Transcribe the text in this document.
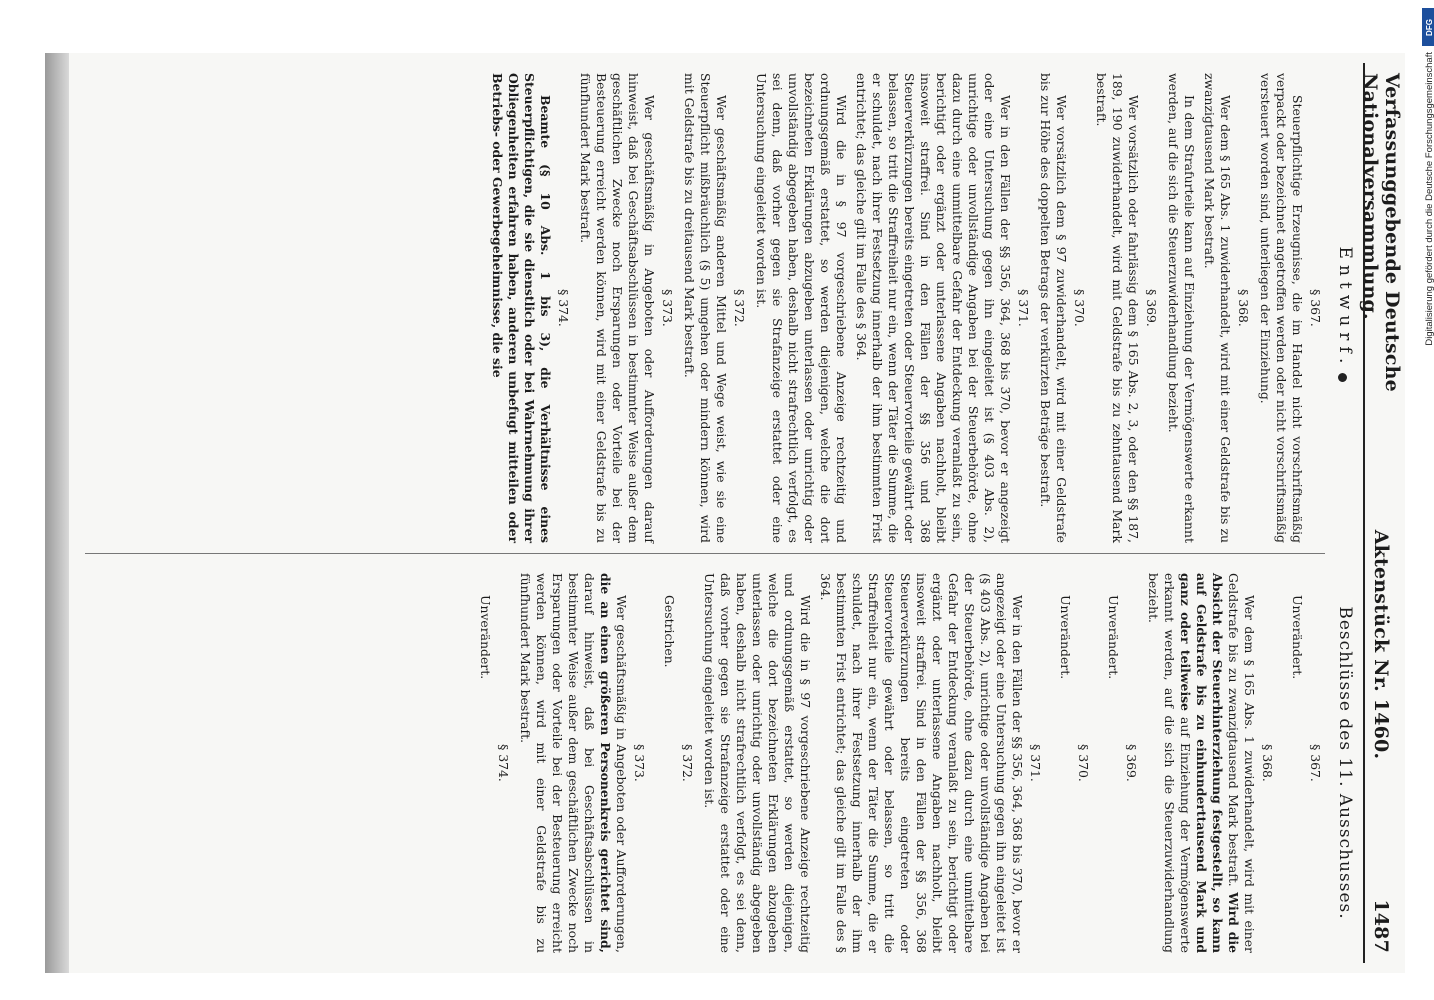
Verfassunggebende Deutsche Nationalversammlung.
Aktenstück Nr. 1460.
1487
Entwurf.
§ 367.

Steuerpflichtige Erzeugnisse, die im Handel nicht vorschriftsmäßig verpackt oder bezeichnet angetroffen werden oder nicht vorschriftsmäßig versteuert worden sind, unterliegen der Einziehung.

§ 368.

Wer dem § 165 Abs. 1 zuwiderhandelt, wird mit einer Geldstrafe bis zu zwanzigtausend Mark bestraft.

In dem Strafurteile kann auf Einziehung der Vermögenswerte erkannt werden, auf die sich die Steuerzuwiderhandlung bezieht.

§ 369.

Wer vorsätzlich oder fahrlässig dem § 165 Abs. 2, 3, oder den §§ 187, 189, 190 zuwiderhandelt, wird mit Geldstrafe bis zu zehntausend Mark bestraft.

§ 370.

Wer vorsätzlich dem § 97 zuwiderhandelt, wird mit einer Geldstrafe bis zur Höhe des doppelten Betrags der verkürzten Beträge bestraft.

§ 371.

Wer in den Fällen der §§ 356, 364, 368 bis 370, bevor er angezeigt oder eine Untersuchung gegen ihn eingeleitet ist (§ 403 Abs. 2), unrichtige oder unvollständige Angaben bei der Steuerbehörde, ohne dazu durch eine unmittelbare Gefahr der Entdeckung veranlaßt zu sein, berichtigt oder ergänzt oder unterlassene Angaben nachholt, bleibt insoweit straffrei. Sind in den Fällen der §§ 356 und 368 Steuerverkürzungen bereits eingetreten oder Steuervorteile gewährt oder belassen, so tritt die Straffreiheit nur ein, wenn der Täter die Summe, die er schuldet, nach ihrer Festsetzung innerhalb der ihm bestimmten Frist entrichtet; das gleiche gilt im Falle des § 364.

Wird die in § 97 vorgeschriebene Anzeige rechtzeitig und ordnungsgemäß erstattet, so werden diejenigen, welche die dort bezeichneten Erklärungen abzugeben unterlassen oder unrichtig oder unvollständig abgegeben haben, deshalb nicht strafrechtlich verfolgt, es sei denn, daß vorher gegen sie Strafanzeige erstattet oder eine Untersuchung eingeleitet worden ist.

§ 372.

Wer geschäftsmäßig anderen Mittel und Wege weist, wie sie eine Steuerpflicht mißbräuchlich (§ 5) umgehen oder mindern können, wird mit Geldstrafe bis zu dreitausend Mark bestraft.

§ 373.

Wer geschäftsmäßig in Angeboten oder Aufforderungen darauf hinweist, daß bei Geschäftsabschlüssen in bestimmter Weise außer dem geschäftlichen Zwecke noch Ersparungen oder Vorteile bei der Besteuerung erreicht werden können, wird mit einer Geldstrafe bis zu fünfhundert Mark bestraft.

§ 374.

Beamte (§ 10 Abs. 1 bis 3), die Verhältnisse eines Steuerpflichtigen, die sie dienstlich oder bei Wahrnehmung ihrer Obliegenheiten erfahren haben, anderen unbefugt mitteilen oder Betriebs- oder Gewerbegeheimnisse, die sie

Beschlüsse des 11. Ausschusses.
§ 367.

Unverändert.

§ 368.

Wer dem § 165 Abs. 1 zuwiderhandelt, wird mit einer Geldstrafe bis zu zwanzigtausend Mark bestraft. Wird die Absicht der Steuerhinterziehung festgestellt, so kann auf Geldstrafe bis zu einhunderttausend Mark und ganz oder teilweise auf Einziehung der Vermögenswerte erkannt werden, auf die sich die Steuerzuwiderhandlung bezieht.

§ 369.

Unverändert.

§ 370.

Unverändert.

§ 371.

Wer in den Fällen der §§ 356, 364, 368 bis 370, bevor er angezeigt oder eine Untersuchung gegen ihn eingeleitet ist (§ 403 Abs. 2), unrichtige oder unvollständige Angaben bei der Steuerbehörde, ohne dazu durch eine unmittelbare Gefahr der Entdeckung veranlaßt zu sein, berichtigt oder ergänzt oder unterlassene Angaben nachholt, bleibt insoweit straffrei. Sind in den Fällen der §§ 356, 368 Steuerverkürzungen bereits eingetreten oder Steuervorteile gewährt oder belassen, so tritt die Straffreiheit nur ein, wenn der Täter die Summe, die er schuldet, nach ihrer Festsetzung innerhalb der ihm bestimmten Frist entrichtet; das gleiche gilt im Falle des § 364.

Wird die in § 97 vorgeschriebene Anzeige rechtzeitig und ordnungsgemäß erstattet, so werden diejenigen, welche die dort bezeichneten Erklärungen abzugeben unterlassen oder unrichtig oder unvollständig abgegeben haben, deshalb nicht strafrechtlich verfolgt, es sei denn, daß vorher gegen sie Strafanzeige erstattet oder eine Untersuchung eingeleitet worden ist.

§ 372.

Gestrichen.

§ 373.

Wer geschäftsmäßig in Angeboten oder Aufforderungen, die an einen größeren Personenkreis gerichtet sind, darauf hinweist, daß bei Geschäftsabschlüssen in bestimmter Weise außer dem geschäftlichen Zwecke noch Ersparungen oder Vorteile bei der Besteuerung erreicht werden können, wird mit einer Geldstrafe bis zu fünfhundert Mark bestraft.

§ 374.

Unverändert.

DFG
Digitalisierung gefördert durch die Deutsche Forschungsgemeinschaft
